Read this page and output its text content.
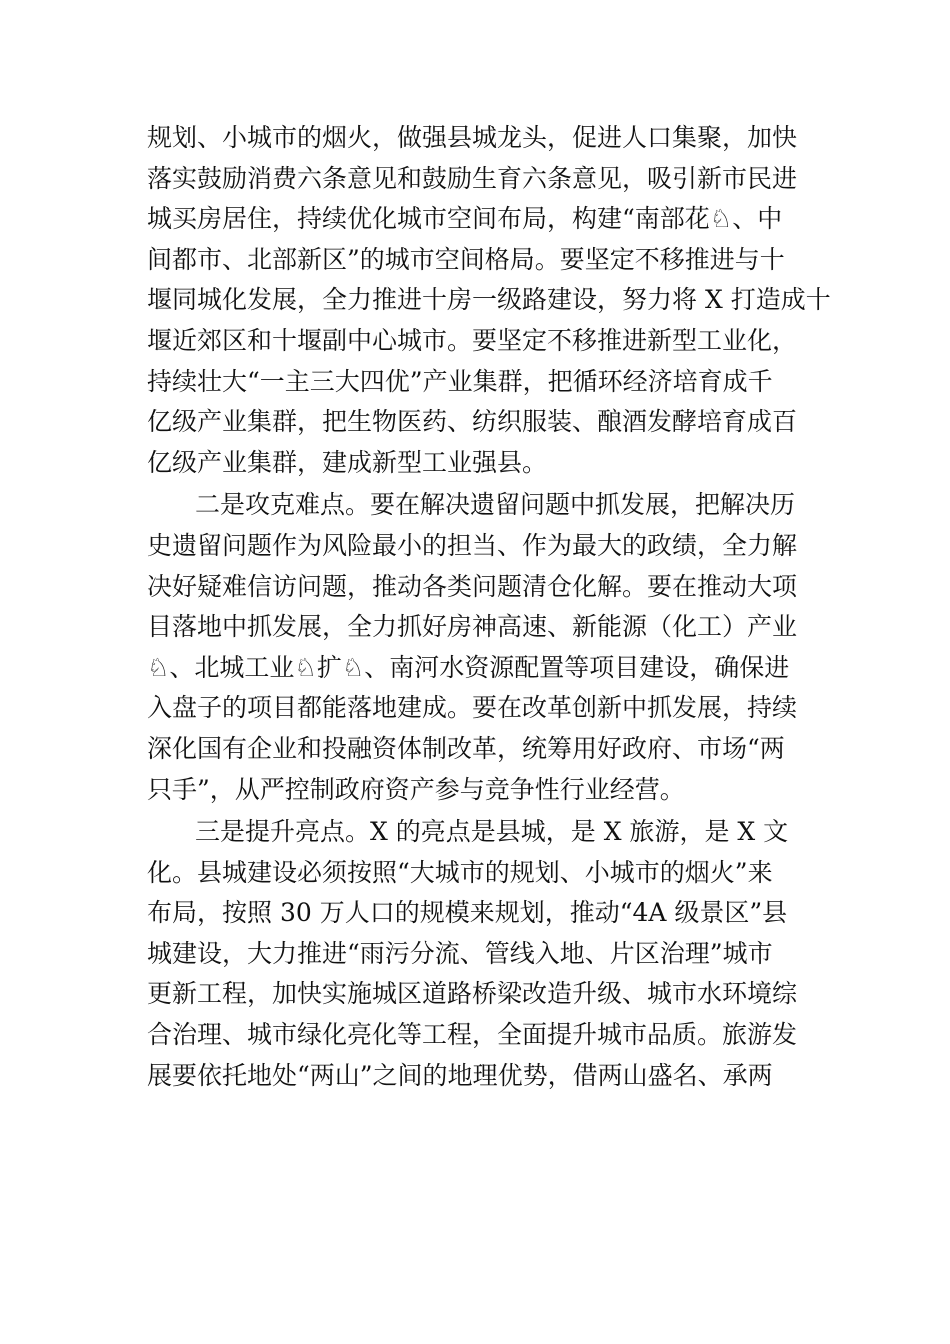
规划、小城市的烟火，做强县城龙头，促进人口集聚，加快
落实鼓励消费六条意见和鼓励生育六条意见，吸引新市民进
城买房居住，持续优化城市空间布局，构建“南部花♘、中
间都市、北部新区”的城市空间格局。要坚定不移推进与十
堰同城化发展，全力推进十房一级路建设，努力将 X 打造成十
堰近郊区和十堰副中心城市。要坚定不移推进新型工业化，
持续壮大“一主三大四优”产业集群，把循环经济培育成千
亿级产业集群，把生物医药、纺织服装、酿酒发酵培育成百
亿级产业集群，建成新型工业强县。
二是攻克难点。要在解决遗留问题中抓发展，把解决历
史遗留问题作为风险最小的担当、作为最大的政绩，全力解
决好疑难信访问题，推动各类问题清仓化解。要在推动大项
目落地中抓发展，全力抓好房神高速、新能源（化工）产业
♘、北城工业♘扩♘、南河水资源配置等项目建设，确保进
入盘子的项目都能落地建成。要在改革创新中抓发展，持续
深化国有企业和投融资体制改革，统筹用好政府、市场“两
只手”，从严控制政府资产参与竞争性行业经营。
三是提升亮点。X 的亮点是县城，是 X 旅游，是 X 文
化。县城建设必须按照“大城市的规划、小城市的烟火”来
布局，按照 30 万人口的规模来规划，推动“4A 级景区”县
城建设，大力推进“雨污分流、管线入地、片区治理”城市
更新工程，加快实施城区道路桥梁改造升级、城市水环境综
合治理、城市绿化亮化等工程，全面提升城市品质。旅游发
展要依托地处“两山”之间的地理优势，借两山盛名、承两
